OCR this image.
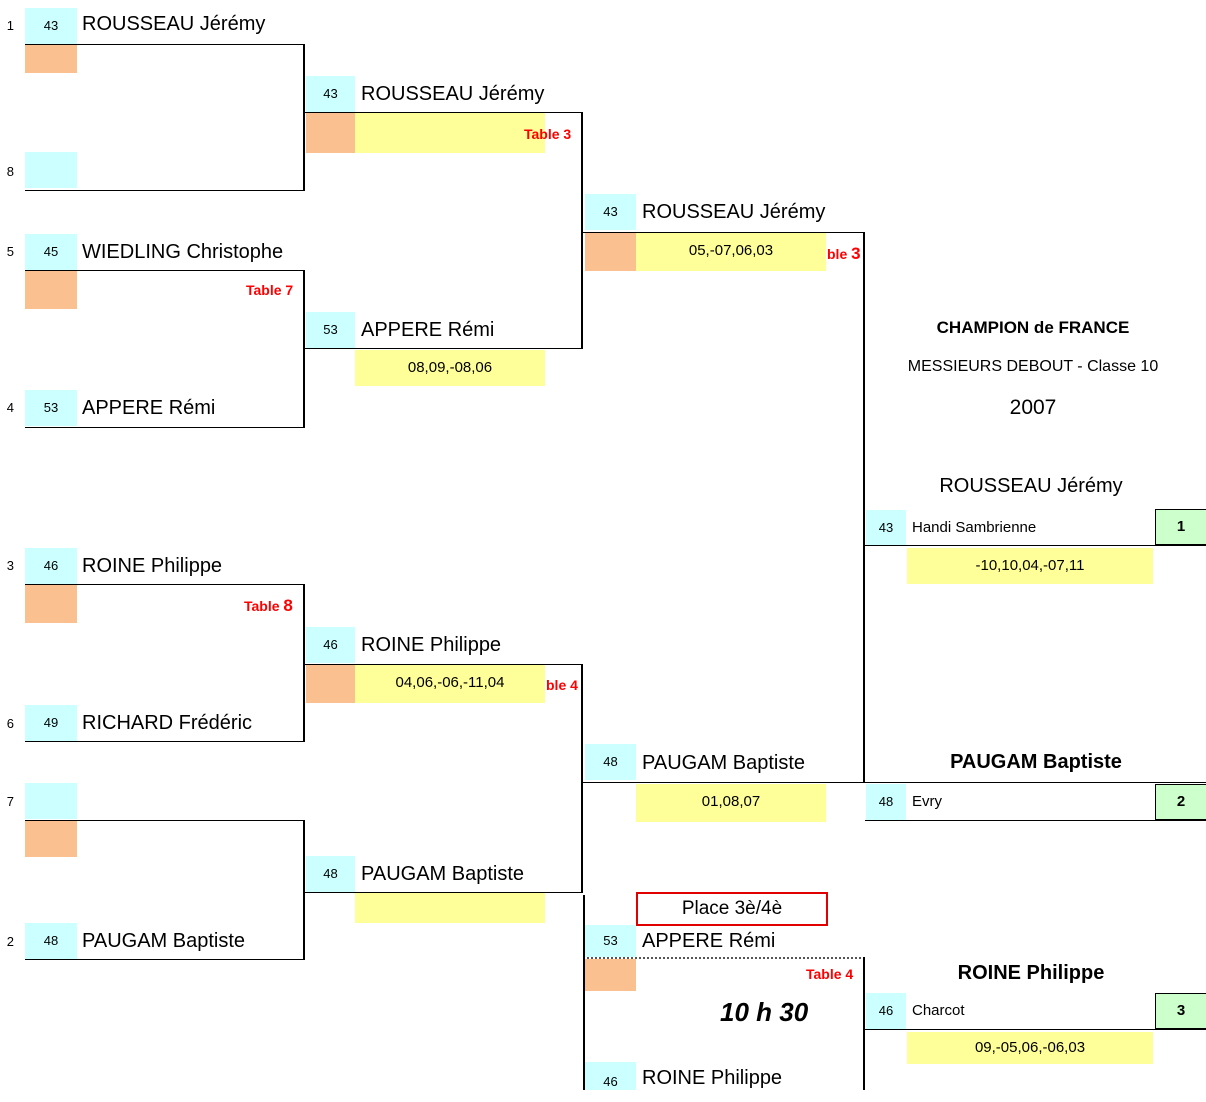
1	43	ROUSSEAU Jérémy
8
5	45	WIEDLING Christophe
Table 7
4	53	APPERE Rémi
3	46	ROINE Philippe
Table 8
6	49	RICHARD Frédéric
7
2	48	PAUGAM Baptiste
43	ROUSSEAU Jérémy
Table 3
53	APPERE Rémi
08,09,-08,06
46	ROINE Philippe
04,06,-06,-11,04	ble 4
48	PAUGAM Baptiste
43	ROUSSEAU Jérémy
05,-07,06,03	ble 3
48	PAUGAM Baptiste
01,08,07
Place 3è/4è
53	APPERE Rémi
Table 4
10 h 30
46	ROINE Philippe
CHAMPION de FRANCE
MESSIEURS DEBOUT - Classe 10
2007
ROUSSEAU Jérémy
43	Handi Sambrienne	1
-10,10,04,-07,11
PAUGAM Baptiste
48	Evry	2
ROINE Philippe
46	Charcot	3
09,-05,06,-06,03
